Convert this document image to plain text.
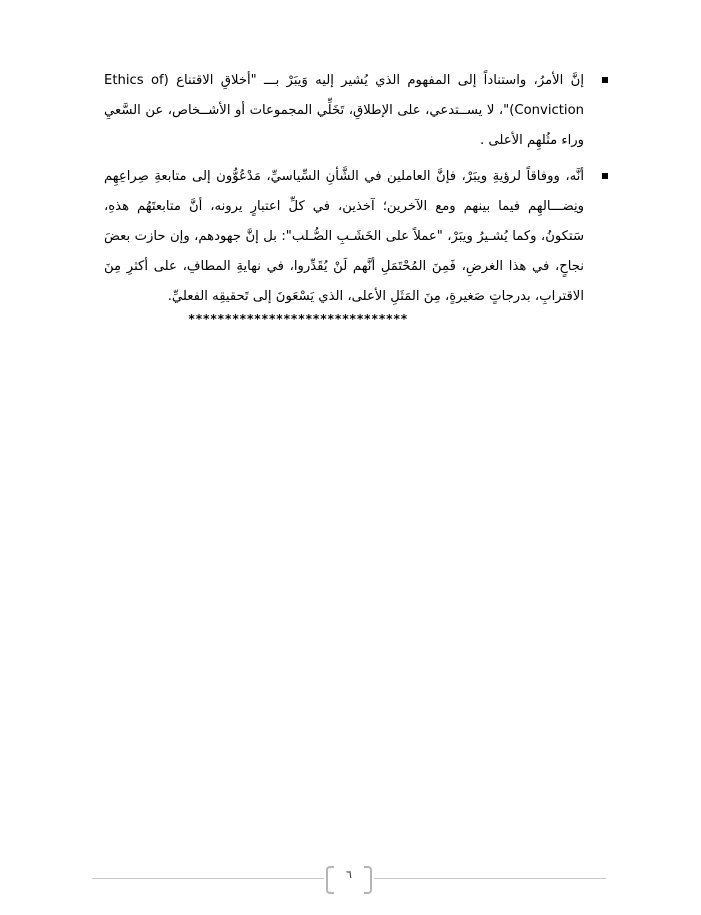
إنَّ الأمرُ، واستناداً إلى المفهوم الذي يُشير إليه وَيبَرْ بـــ "أخلاقِ الاقتناع (Ethics of Conviction)"، لا يســتدعي، على الإطلاقِ، تَخَلِّي المجموعات أو الأشــخاص، عن السَّعيِ وراء مثُلهِم الأعلى .
أنَّه، ووفاقاً لرؤيةِ ويبَرْ، فإنَّ العاملين في الشَّأنِ السِّياسيِّ، مَدْعُوُّون إلى متابعةِ صِراعِهِم ونِضـــالهِم فيما بينهم ومع الآخرين؛ آخذين، في كلِّ اعتبارٍ يرونه، أنَّ متابعتَهُم هذهِ، سَتكونُ، وكما يُشـيرُ ويبَرْ، "عملاً على الخَشَـبِ الصُّـلب": بل إنَّ جهودهم، وإن حازت بعضَ نجاحٍ، في هذا الغرضِ، فَمِنَ المُحْتَمَلِ أنَّهم لَنْ يُقَدِّروا، في نهايةِ المطافِ، على أكثرِ مِنَ الاقترابِ، بدرجاتٍ صَغيرةٍ، مِنَ المَثَلِ الأعلى، الذي يَسْعَونَ إلى تَحقيقِه الفعليِّ.
******************************
٦
